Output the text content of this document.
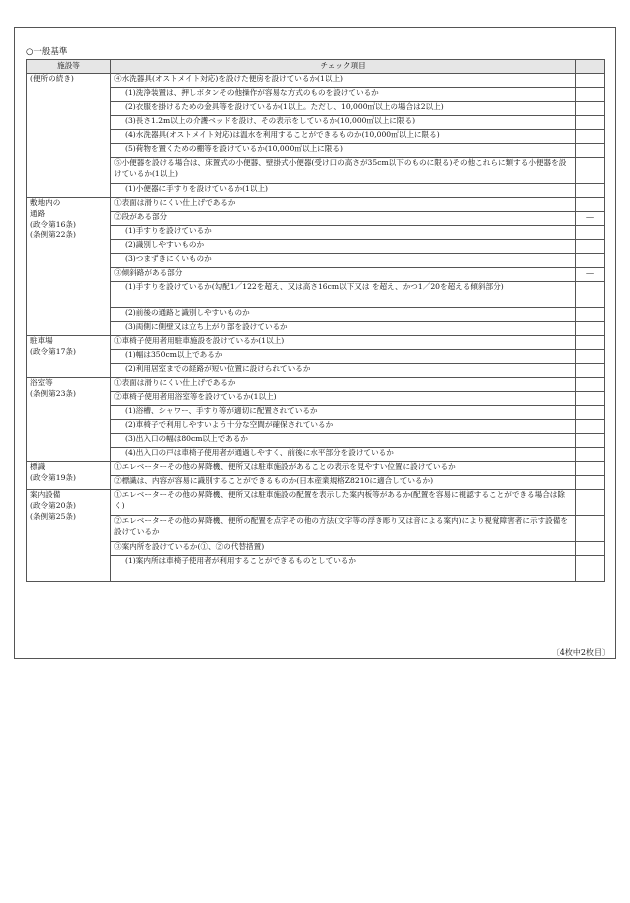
○一般基準
施設等	チェック項目	

(便所の続き)	④水洗器具(オストメイト対応)を設けた便房を設けているか(1以上)	
	(1)洗浄装置は、押しボタンその他操作が容易な方式のものを設けているか	
	(2)衣服を掛けるための金具等を設けているか(1以上。ただし、10,000㎡以上の場合は2以上)	
	(3)長さ1.2m以上の介護ベッドを設け、その表示をしているか(10,000㎡以上に限る)	
	(4)水洗器具(オストメイト対応)は温水を利用することができるものか(10,000㎡以上に限る)	
	(5)荷物を置くための棚等を設けているか(10,000㎡以上に限る)	
	⑤小便器を設ける場合は、床置式の小便器、壁掛式小便器(受け口の高さが35cm以下のものに限る)その他これらに類する小便器を設けているか(1以上)	
	(1)小便器に手すりを設けているか(1以上)	

敷地内の
通路
(政令第16条)
(条例第22条)	①表面は滑りにくい仕上げであるか	
	②段がある部分	―
	(1)手すりを設けているか	
	(2)識別しやすいものか	
	(3)つまずきにくいものか	
	③傾斜路がある部分	―
	(1)手すりを設けているか(勾配1／122を超え、又は高さ16cm以下又は を超え、かつ1／20を超える傾斜部分)	
	(2)前後の通路と識別しやすいものか	
	(3)両側に側壁又は立ち上がり部を設けているか	

駐車場
(政令第17条)	①車椅子使用者用駐車施設を設けているか(1以上)	
	(1)幅は350cm以上であるか	
	(2)利用居室までの経路が短い位置に設けられているか	

浴室等
(条例第23条)	①表面は滑りにくい仕上げであるか	
	②車椅子使用者用浴室等を設けているか(1以上)	
	(1)浴槽、シャワー、手すり等が適切に配置されているか	
	(2)車椅子で利用しやすいよう十分な空間が確保されているか	
	(3)出入口の幅は80cm以上であるか	
	(4)出入口の戸は車椅子使用者が通過しやすく、前後に水平部分を設けているか	

標識
(政令第19条)	①エレベーターその他の昇降機、便所又は駐車施設があることの表示を見やすい位置に設けているか	
	②標識は、内容が容易に識別することができるものか(日本産業規格Z8210に適合しているか)	

案内設備
(政令第20条)
(条例第25条)	①エレベーターその他の昇降機、便所又は駐車施設の配置を表示した案内板等があるか(配置を容易に視認することができる場合は除く)	
	②エレベーターその他の昇降機、便所の配置を点字その他の方法(文字等の浮き彫り又は音による案内)により視覚障害者に示す設備を設けているか	
	③案内所を設けているか(①、②の代替措置)	
	(1)案内所は車椅子使用者が利用することができるものとしているか	
〔4枚中2枚目〕
